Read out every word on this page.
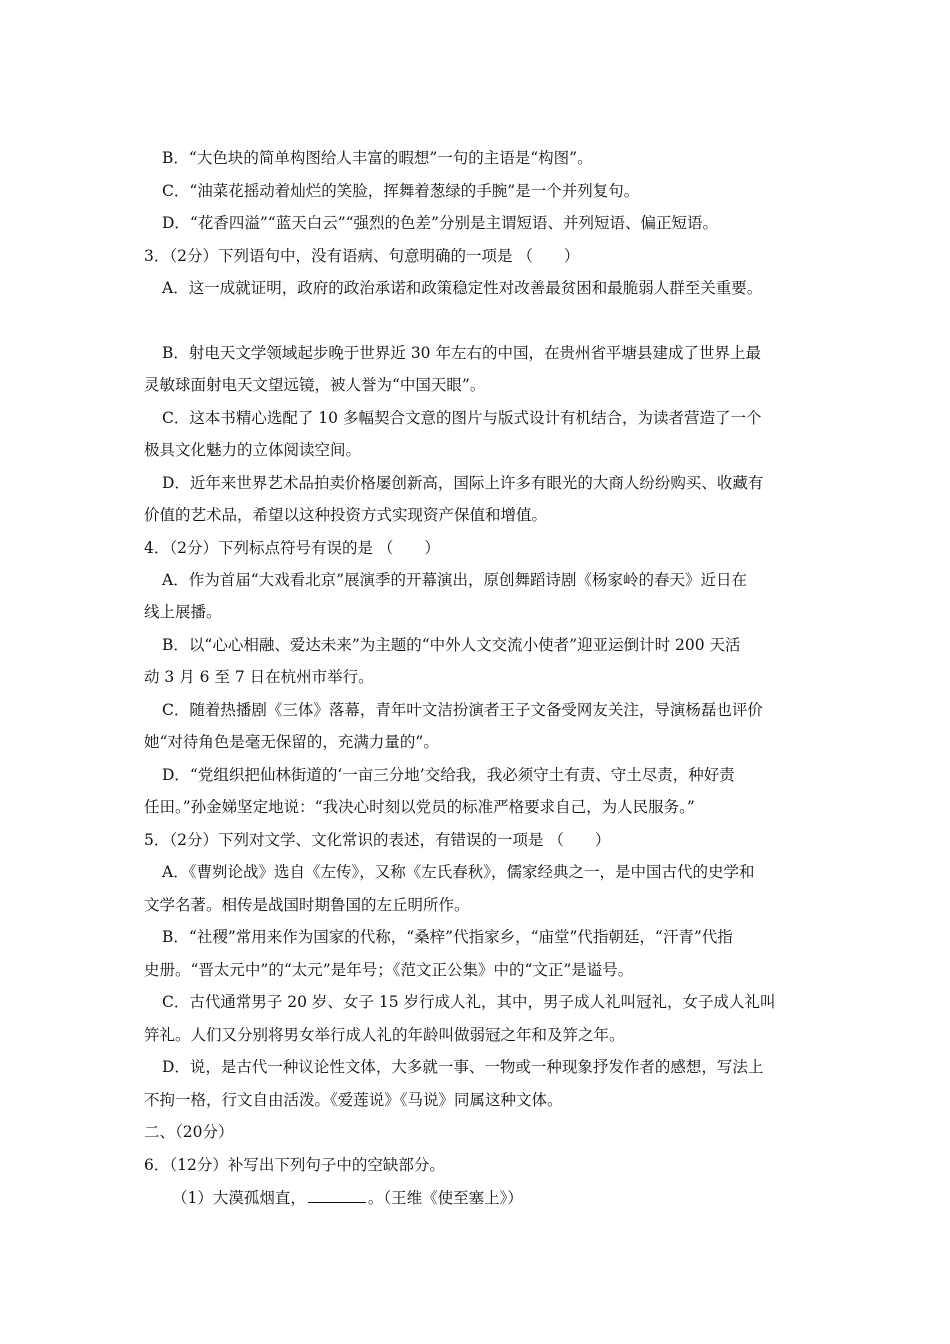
B．“大色块的简单构图给人丰富的暇想”一句的主语是“构图”。
C．“油菜花摇动着灿烂的笑脸，挥舞着葱绿的手腕”是一个并列复句。
D．“花香四溢”“蓝天白云”“强烈的色差”分别是主谓短语、并列短语、偏正短语。
3．（2分）下列语句中，没有语病、句意明确的一项是 （　　）
A．这一成就证明，政府的政治承诺和政策稳定性对改善最贫困和最脆弱人群至关重要。
B．射电天文学领域起步晚于世界近 30 年左右的中国，在贵州省平塘县建成了世界上最
灵敏球面射电天文望远镜，被人誉为“中国天眼”。
C．这本书精心选配了 10 多幅契合文意的图片与版式设计有机结合，为读者营造了一个
极具文化魅力的立体阅读空间。
D．近年来世界艺术品拍卖价格屡创新高，国际上许多有眼光的大商人纷纷购买、收藏有
价值的艺术品，希望以这种投资方式实现资产保值和增值。
4．（2分）下列标点符号有误的是 （　　）
A．作为首届“大戏看北京”展演季的开幕演出，原创舞蹈诗剧《杨家岭的春天》近日在
线上展播。
B．以“心心相融、爱达未来”为主题的“中外人文交流小使者”迎亚运倒计时 200 天活
动 3 月 6 至 7 日在杭州市举行。
C．随着热播剧《三体》落幕，青年叶文洁扮演者王子文备受网友关注，导演杨磊也评价
她“对待角色是毫无保留的，充满力量的”。
D．“党组织把仙林街道的‘一亩三分地’交给我，我必须守土有责、守土尽责，种好责
任田。”孙金娣坚定地说：“我决心时刻以党员的标准严格要求自己，为人民服务。”
5．（2分）下列对文学、文化常识的表述，有错误的一项是 （　　）
A．《曹刿论战》选自《左传》，又称《左氏春秋》，儒家经典之一，是中国古代的史学和
文学名著。相传是战国时期鲁国的左丘明所作。
B．“社稷”常用来作为国家的代称，“桑梓”代指家乡，“庙堂”代指朝廷，“汗青”代指
史册。“晋太元中”的“太元”是年号；《范文正公集》中的“文正”是谥号。
C．古代通常男子 20 岁、女子 15 岁行成人礼，其中，男子成人礼叫冠礼，女子成人礼叫
笄礼。人们又分别将男女举行成人礼的年龄叫做弱冠之年和及笄之年。
D．说，是古代一种议论性文体，大多就一事、一物或一种现象抒发作者的感想，写法上
不拘一格，行文自由活泼。《爱莲说》《马说》同属这种文体。
二、（20分）
6．（12分）补写出下列句子中的空缺部分。
（1）大漠孤烟直，	。（王维《使至塞上》）
